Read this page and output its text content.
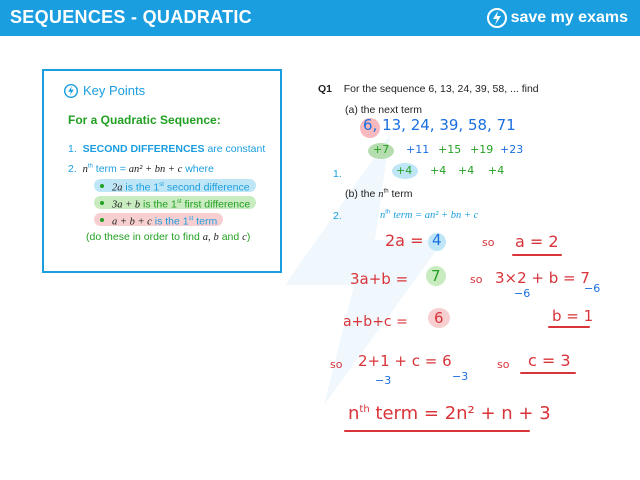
SEQUENCES - QUADRATIC	save my exams
Key Points
For a Quadratic Sequence:
1. SECOND DIFFERENCES are constant
2. $n^{th}$ term = an² + bn + c where
2a is the 1st second difference
3a + b is the 1st first difference
a + b + c is the 1st term
(do these in order to find a, b and c)
Q1 For the sequence 6, 13, 24, 39, 58, ... find
(a) the next term
1.
(b) the $n^{th}$ term
2.	$n^{th}$ term = an² + bn + c
6, 13, 24, 39, 58, 71
+7 +11 +15 +19 +23
+4 +4 +4 +4
2a = 4	so a = 2
3a+b = 7	so 3×2 + b = 7
−6	−6
b = 1
a+b+c = 6
so 2+1 + c = 6
−3	−3
so c = 3
$n^{th}$ term = 2n² + n + 3
